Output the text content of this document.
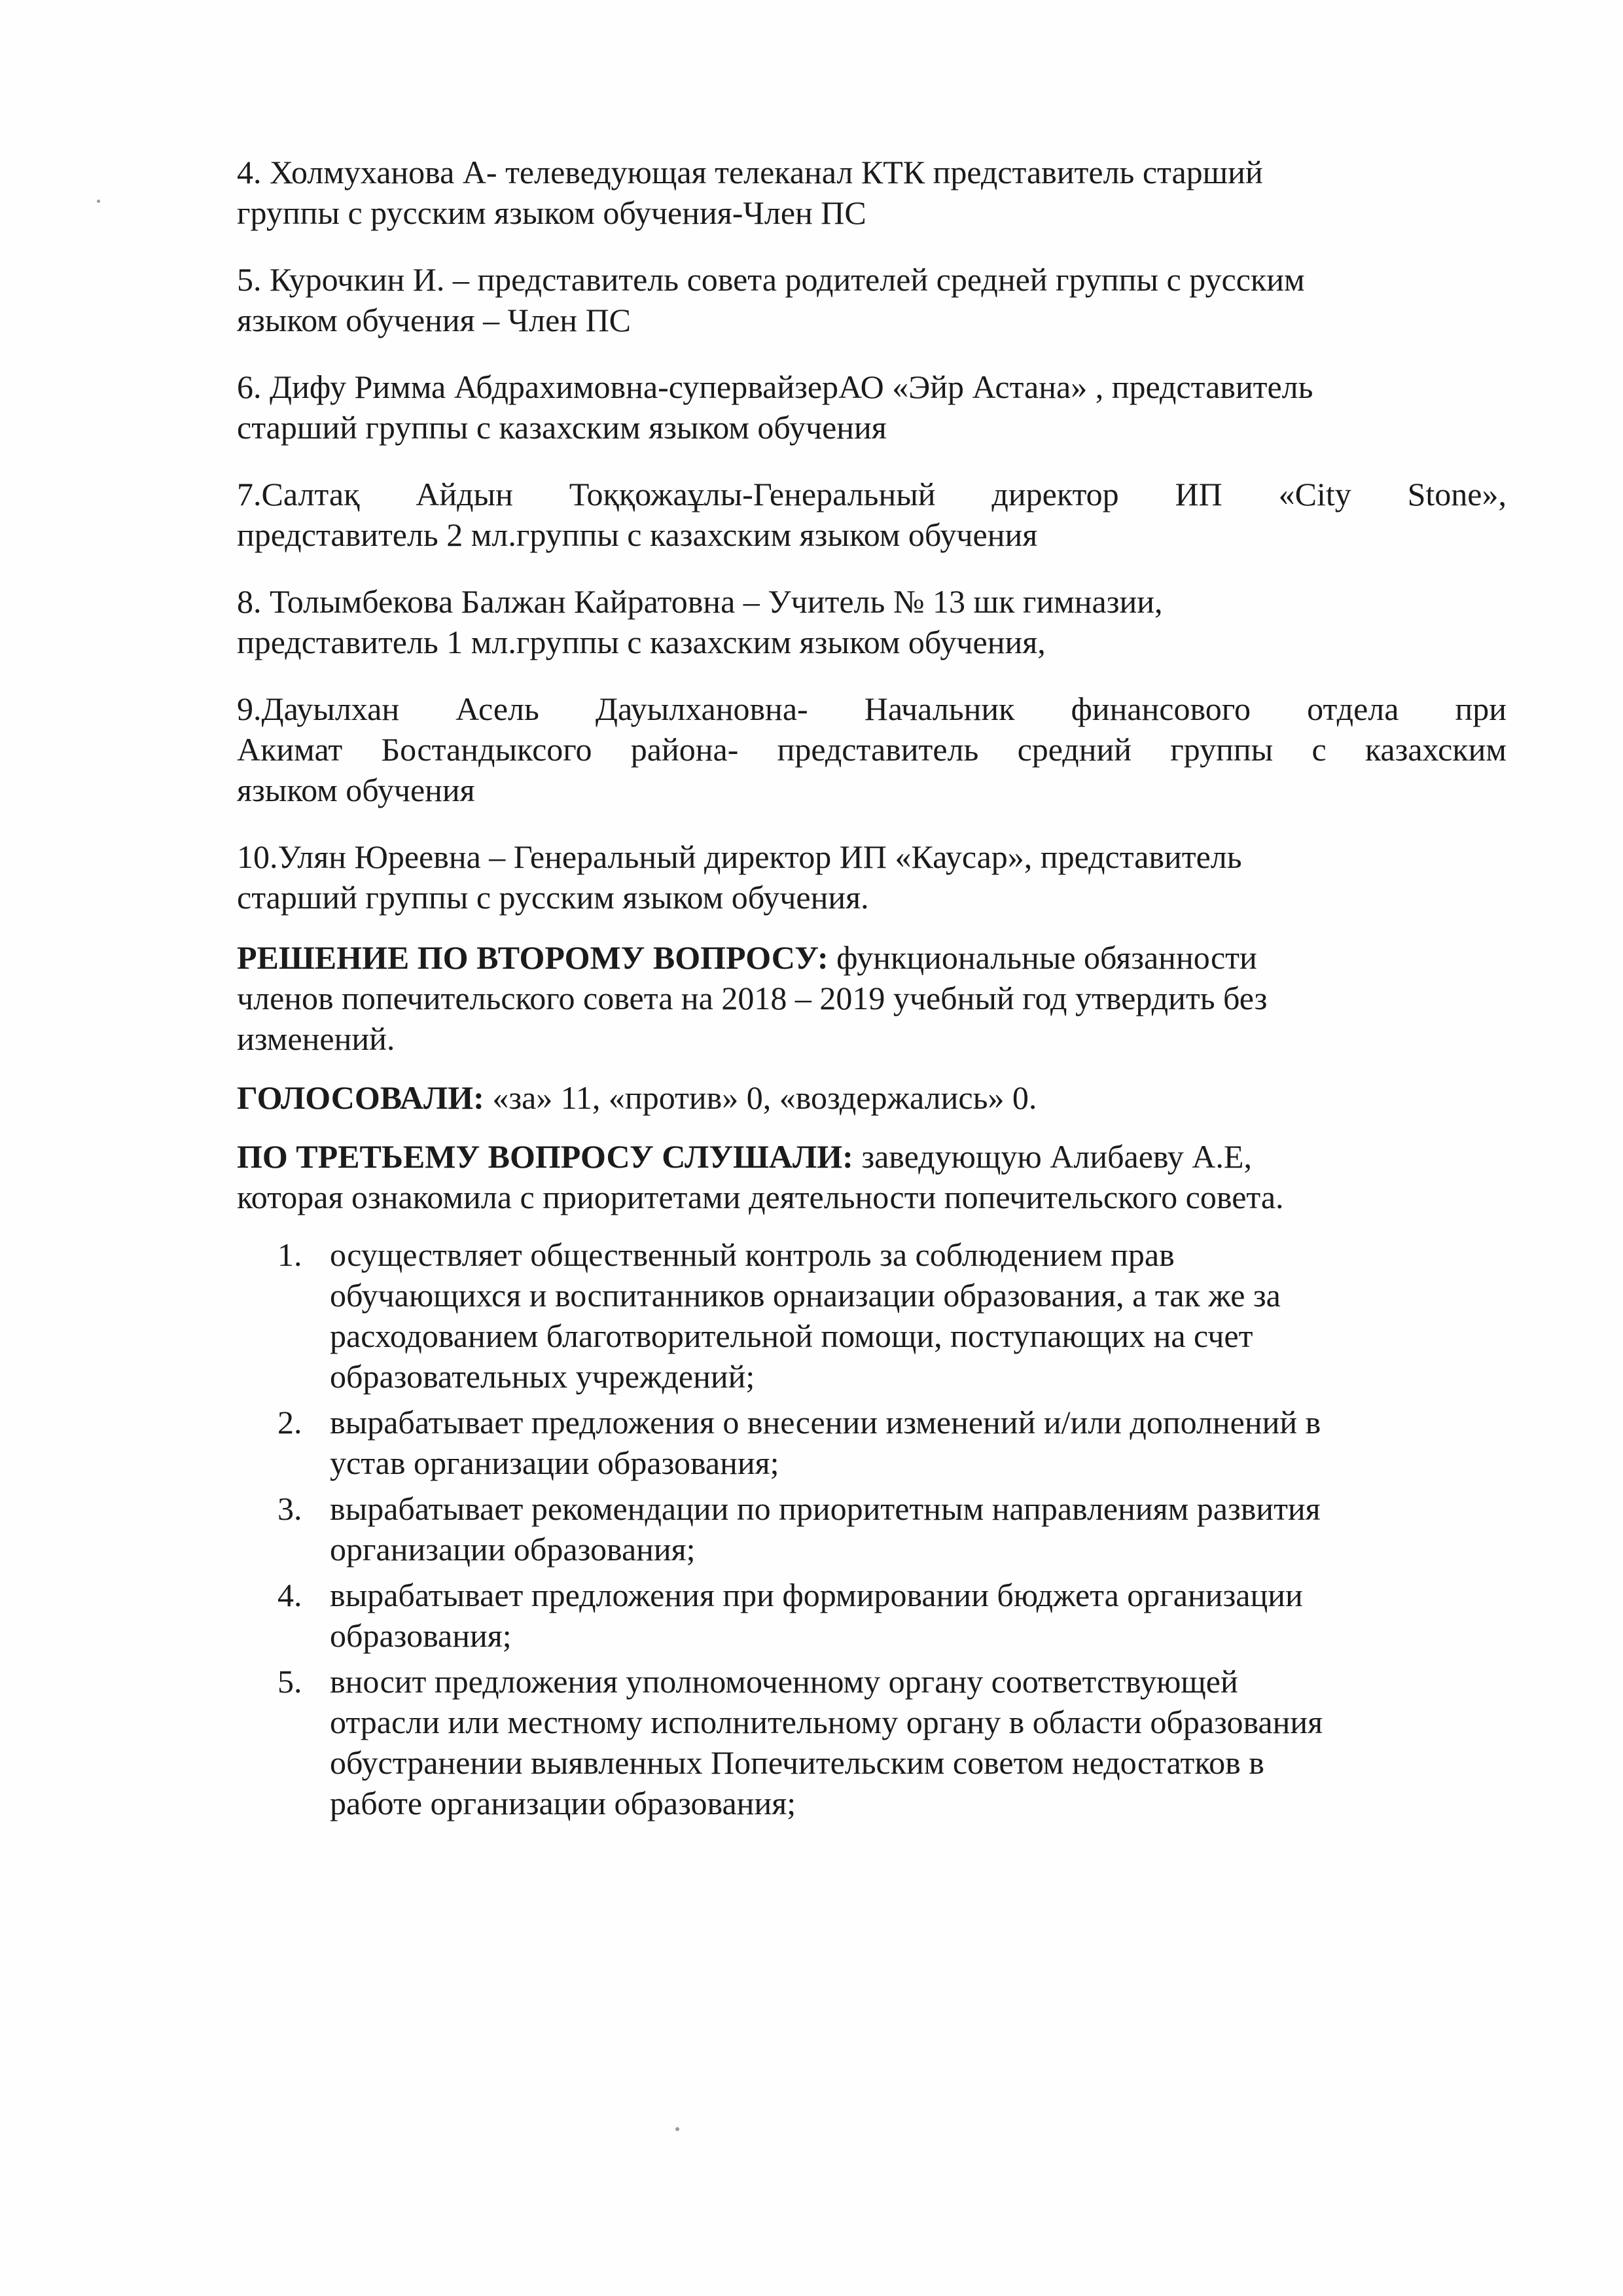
4. Холмуханова А- телеведующая телеканал КТК представитель старший
группы с русским языком обучения-Член ПС

5. Курочкин И. – представитель совета родителей средней группы с русским
языком обучения – Член ПС

6. Дифу Римма Абдрахимовна-супервайзерАО «Эйр Астана» , представитель
старший группы с казахским языком обучения

7.Салтақ Айдын Тоққожаұлы-Генеральный директор ИП «City Stone»,
представитель 2 мл.группы с казахским языком обучения

8. Толымбекова Балжан Кайратовна – Учитель № 13 шк гимназии,
представитель 1 мл.группы с казахским языком обучения,

9.Дауылхан Асель Дауылхановна- Начальник финансового отдела при
Акимат Бостандыксого района- представитель средний группы с казахским
языком обучения

10.Улян Юреевна – Генеральный директор ИП «Каусар», представитель
старший группы с русским языком обучения.

РЕШЕНИЕ ПО ВТОРОМУ ВОПРОСУ: функциональные обязанности
членов попечительского совета на 2018 – 2019 учебный год утвердить без
изменений.

ГОЛОСОВАЛИ: «за» 11, «против» 0, «воздержались» 0.

ПО ТРЕТЬЕМУ ВОПРОСУ СЛУШАЛИ: заведующую Алибаеву А.Е,
которая ознакомила с приоритетами деятельности попечительского совета.

1. осуществляет общественный контроль за соблюдением прав
обучающихся и воспитанников орнаизации образования, а так же за
расходованием благотворительной помощи, поступающих на счет
образовательных учреждений;
2. вырабатывает предложения о внесении изменений и/или дополнений в
устав организации образования;
3. вырабатывает рекомендации по приоритетным направлениям развития
организации образования;
4. вырабатывает предложения при формировании бюджета организации
образования;
5. вносит предложения уполномоченному органу соответствующей
отрасли или местному исполнительному органу в области образования
обустранении выявленных Попечительским советом недостатков в
работе организации образования;
